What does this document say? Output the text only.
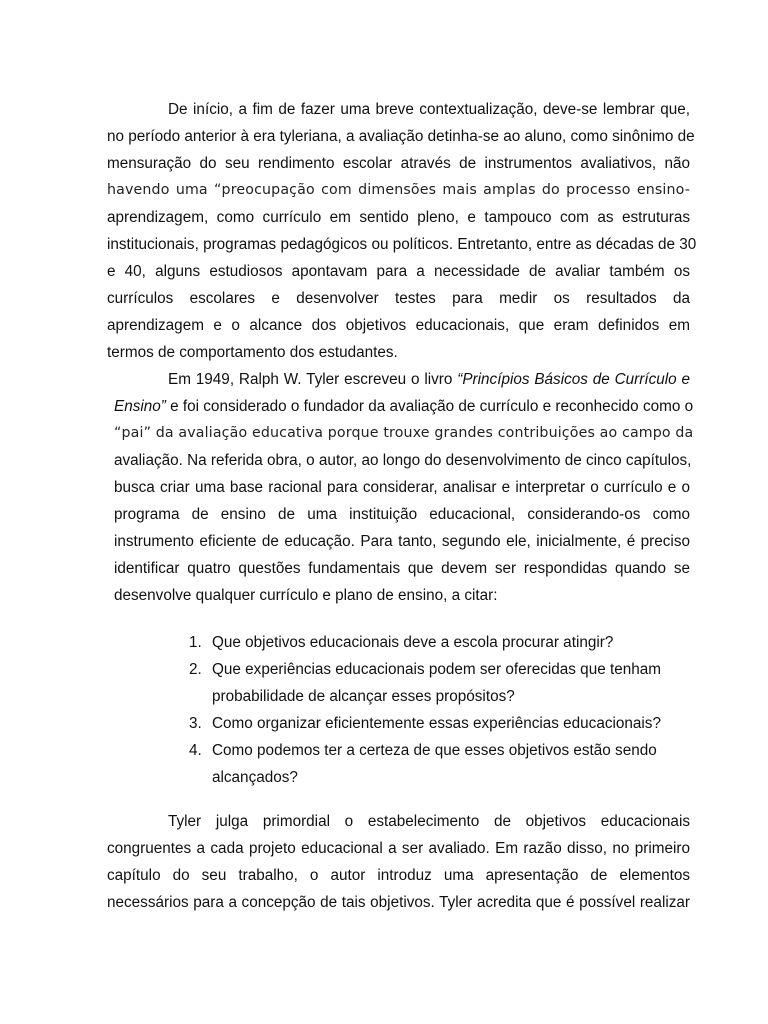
De início, a fim de fazer uma breve contextualização, deve-se lembrar que,
no período anterior à era tyleriana, a avaliação detinha-se ao aluno, como sinônimo de
mensuração do seu rendimento escolar através de instrumentos avaliativos, não
havendo uma “preocupação com dimensões mais amplas do processo ensino-
aprendizagem, como currículo em sentido pleno, e tampouco com as estruturas
institucionais, programas pedagógicos ou políticos. Entretanto, entre as décadas de 30
e 40, alguns estudiosos apontavam para a necessidade de avaliar também os
currículos escolares e desenvolver testes para medir os resultados da
aprendizagem e o alcance dos objetivos educacionais, que eram definidos em
termos de comportamento dos estudantes.
Em 1949, Ralph W. Tyler escreveu o livro “Princípios Básicos de Currículo e
Ensino” e foi considerado o fundador da avaliação de currículo e reconhecido como o
“pai” da avaliação educativa porque trouxe grandes contribuições ao campo da
avaliação. Na referida obra, o autor, ao longo do desenvolvimento de cinco capítulos,
busca criar uma base racional para considerar, analisar e interpretar o currículo e o
programa de ensino de uma instituição educacional, considerando-os como
instrumento eficiente de educação. Para tanto, segundo ele, inicialmente, é preciso
identificar quatro questões fundamentais que devem ser respondidas quando se
desenvolve qualquer currículo e plano de ensino, a citar:
1. Que objetivos educacionais deve a escola procurar atingir?
2. Que experiências educacionais podem ser oferecidas que tenham
probabilidade de alcançar esses propósitos?
3. Como organizar eficientemente essas experiências educacionais?
4. Como podemos ter a certeza de que esses objetivos estão sendo
alcançados?
Tyler julga primordial o estabelecimento de objetivos educacionais
congruentes a cada projeto educacional a ser avaliado. Em razão disso, no primeiro
capítulo do seu trabalho, o autor introduz uma apresentação de elementos
necessários para a concepção de tais objetivos. Tyler acredita que é possível realizar
